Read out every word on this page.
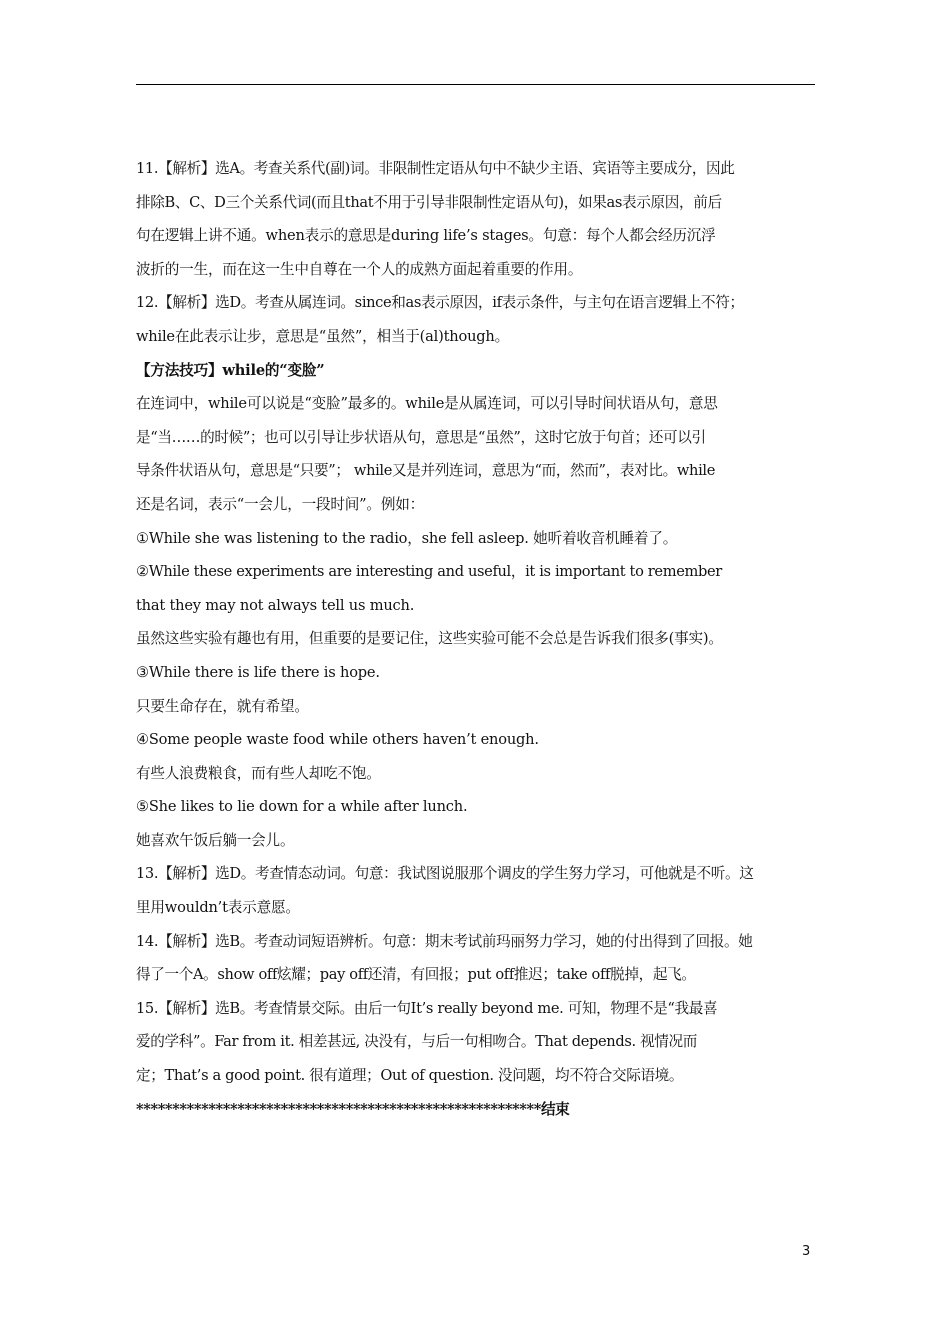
11.【解析】选A。考查关系代(副)词。非限制性定语从句中不缺少主语、宾语等主要成分，因此
排除B、C、D三个关系代词(而且that不用于引导非限制性定语从句)，如果as表示原因，前后
句在逻辑上讲不通。when表示的意思是during life’s stages。句意：每个人都会经历沉浮
波折的一生，而在这一生中自尊在一个人的成熟方面起着重要的作用。
12.【解析】选D。考查从属连词。since和as表示原因，if表示条件，与主句在语言逻辑上不符；
while在此表示让步，意思是“虽然”，相当于(al)though。
【方法技巧】while的“变脸”
在连词中，while可以说是“变脸”最多的。while是从属连词，可以引导时间状语从句，意思
是“当……的时候”；也可以引导让步状语从句，意思是“虽然”，这时它放于句首；还可以引
导条件状语从句，意思是“只要”； while又是并列连词，意思为“而，然而”，表对比。while
还是名词，表示“一会儿，一段时间”。例如：
①While she was listening to the radio，she fell asleep. 她听着收音机睡着了。
②While these experiments are interesting and useful，it is important to remember
that they may not always tell us much.
虽然这些实验有趣也有用，但重要的是要记住，这些实验可能不会总是告诉我们很多(事实)。
③While there is life there is hope.
只要生命存在，就有希望。
④Some people waste food while others haven’t enough.
有些人浪费粮食，而有些人却吃不饱。
⑤She likes to lie down for a while after lunch.
她喜欢午饭后躺一会儿。
13.【解析】选D。考查情态动词。句意：我试图说服那个调皮的学生努力学习，可他就是不听。这
里用wouldn’t表示意愿。
14.【解析】选B。考查动词短语辨析。句意：期末考试前玛丽努力学习，她的付出得到了回报。她
得了一个A。show off炫耀；pay off还清，有回报；put off推迟；take off脱掉，起飞。
15.【解析】选B。考查情景交际。由后一句It’s really beyond me. 可知，物理不是“我最喜
爱的学科”。Far from it. 相差甚远, 决没有，与后一句相吻合。That depends. 视情况而
定；That’s a good point. 很有道理；Out of question. 没问题，均不符合交际语境。
********************************************************结束
3
